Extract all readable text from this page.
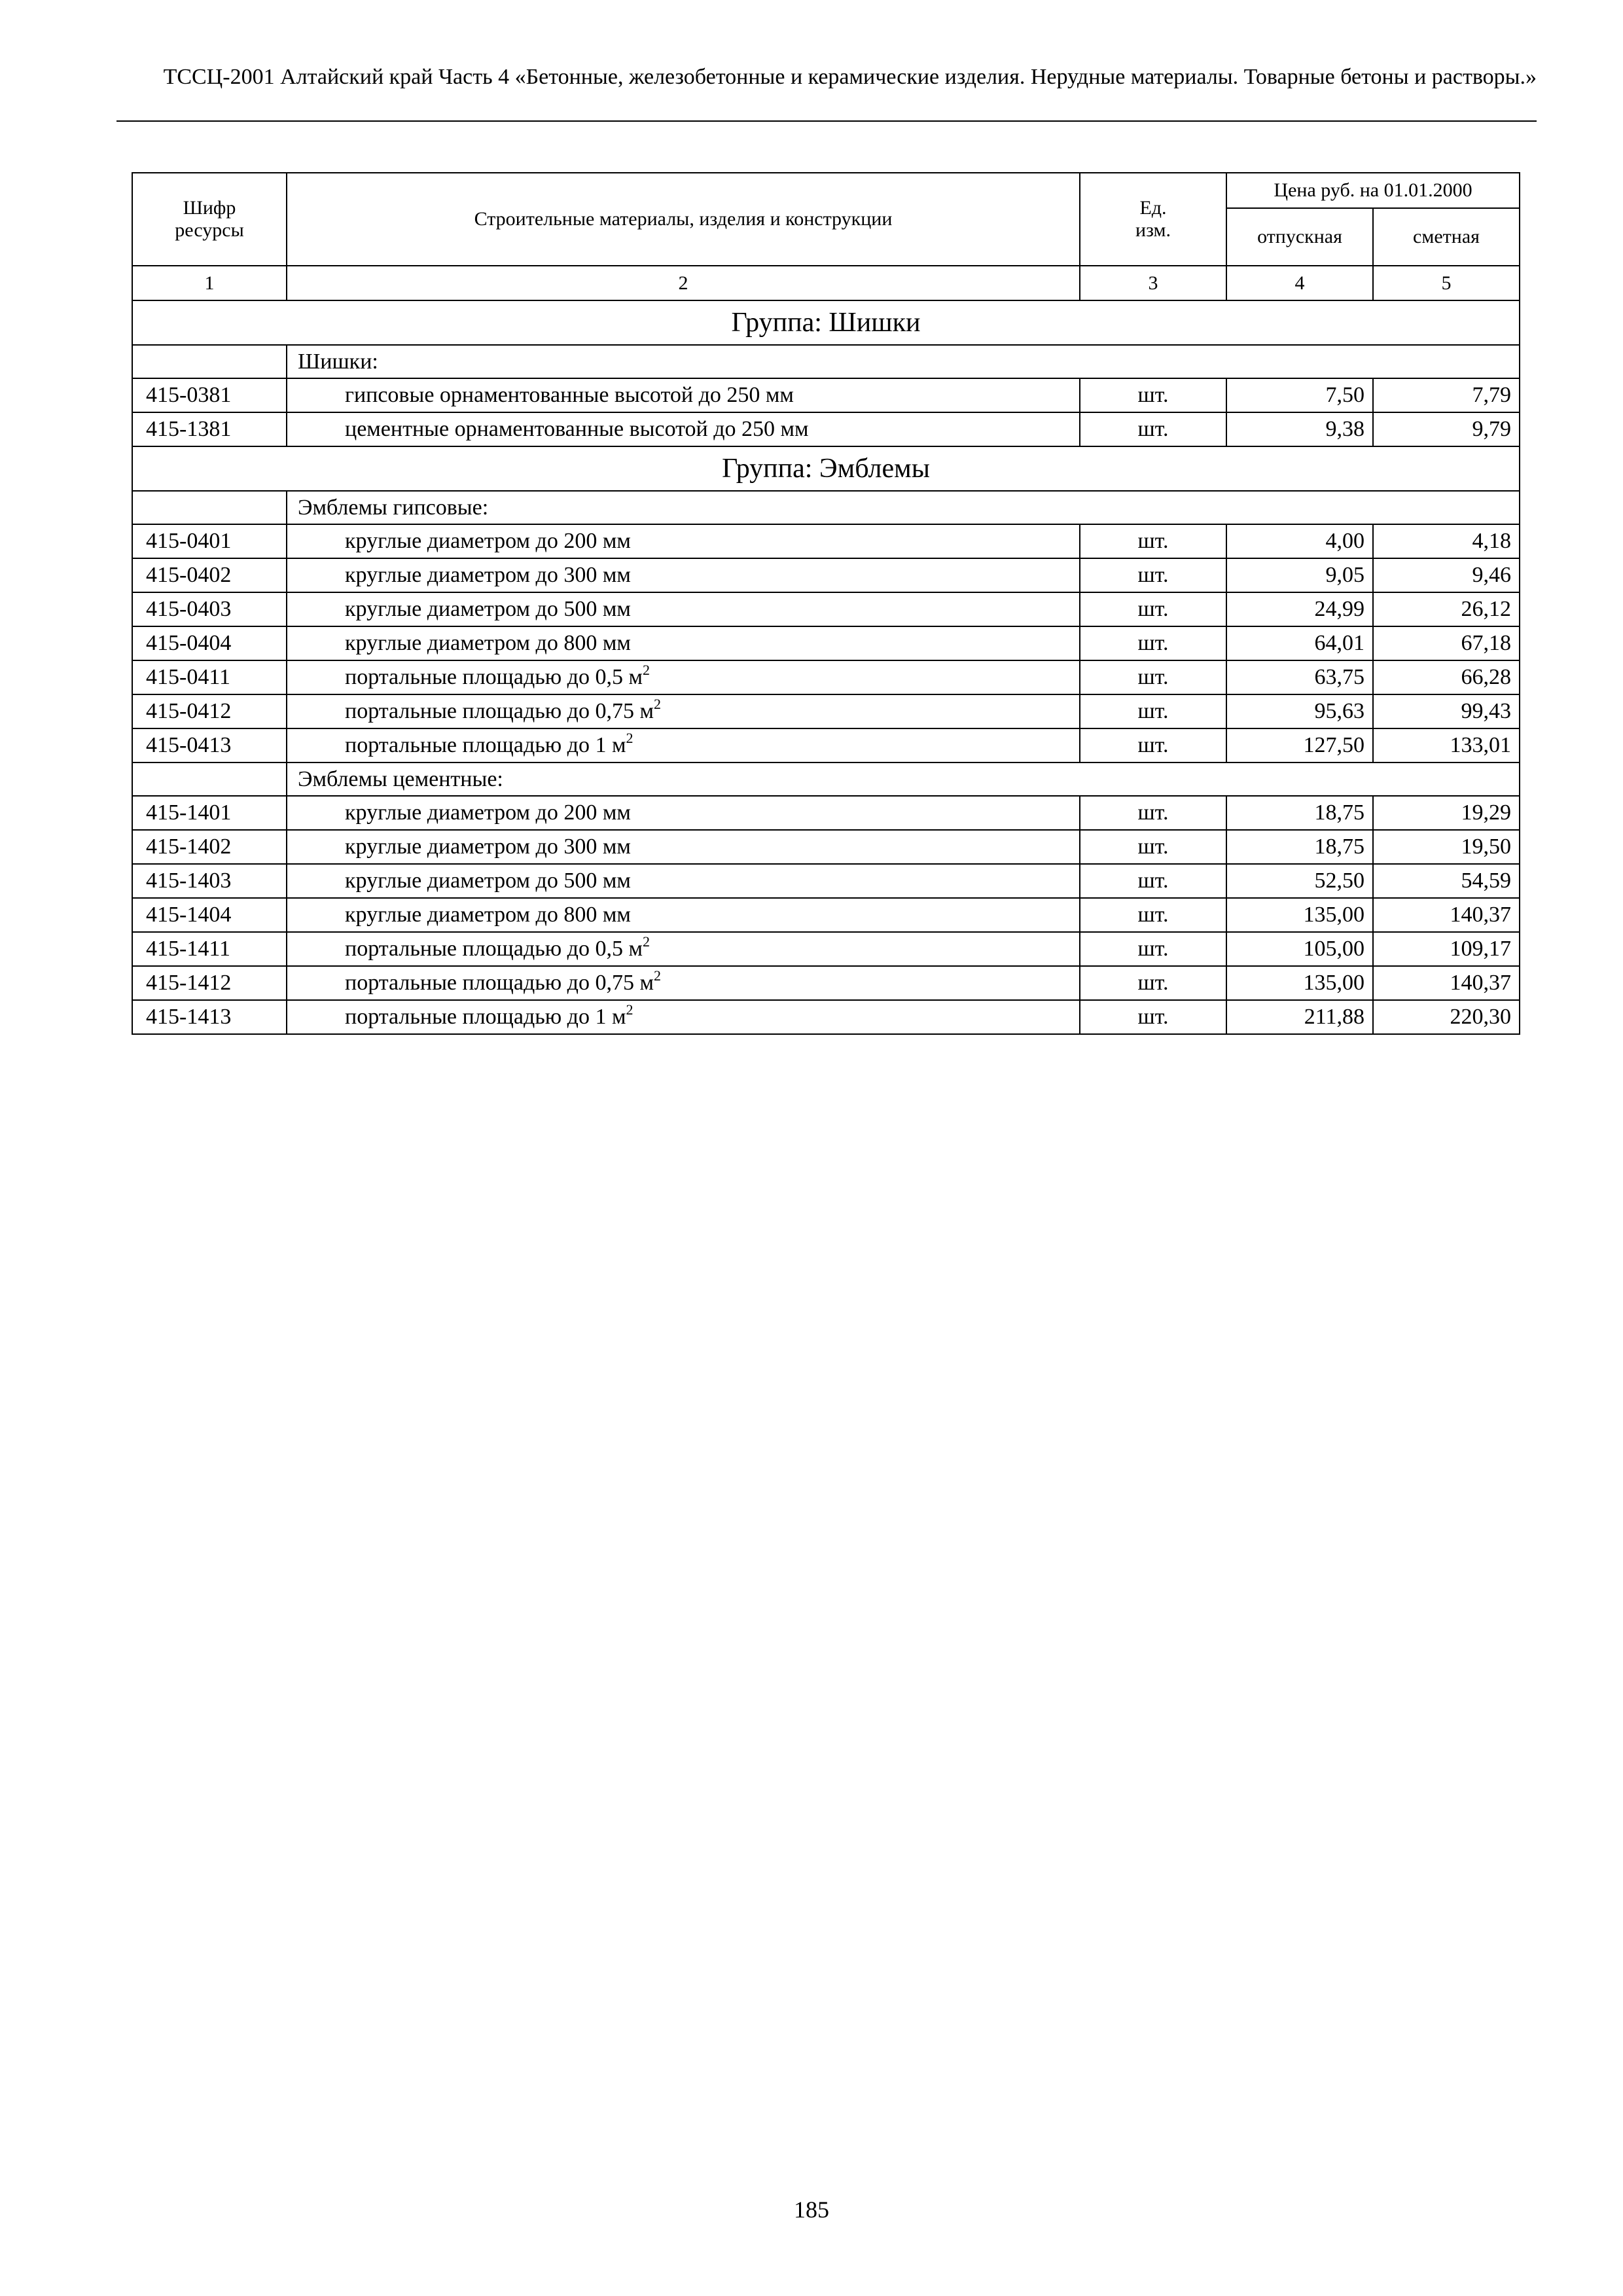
ТССЦ-2001 Алтайский край Часть 4 «Бетонные, железобетонные и керамические изделия. Нерудные материалы. Товарные бетоны и растворы.»
Шифр ресурсы	Строительные материалы, изделия и конструкции	Ед. изм.	Цена руб. на 01.01.2000	
			отпускная	сметная
1	2	3	4	5
Группа: Шишки				
	Шишки:			
415-0381	гипсовые орнаментованные высотой до 250 мм	шт.	7,50	7,79
415-1381	цементные орнаментованные высотой до 250 мм	шт.	9,38	9,79
Группа: Эмблемы				
	Эмблемы гипсовые:			
415-0401	круглые диаметром до 200 мм	шт.	4,00	4,18
415-0402	круглые диаметром до 300 мм	шт.	9,05	9,46
415-0403	круглые диаметром до 500 мм	шт.	24,99	26,12
415-0404	круглые диаметром до 800 мм	шт.	64,01	67,18
415-0411	портальные площадью до 0,5 $м^2$	шт.	63,75	66,28
415-0412	портальные площадью до 0,75 $м^2$	шт.	95,63	99,43
415-0413	портальные площадью до 1 $м^2$	шт.	127,50	133,01
	Эмблемы цементные:			
415-1401	круглые диаметром до 200 мм	шт.	18,75	19,29
415-1402	круглые диаметром до 300 мм	шт.	18,75	19,50
415-1403	круглые диаметром до 500 мм	шт.	52,50	54,59
415-1404	круглые диаметром до 800 мм	шт.	135,00	140,37
415-1411	портальные площадью до 0,5 $м^2$	шт.	105,00	109,17
415-1412	портальные площадью до 0,75 $м^2$	шт.	135,00	140,37
415-1413	портальные площадью до 1 $м^2$	шт.	211,88	220,30
185
